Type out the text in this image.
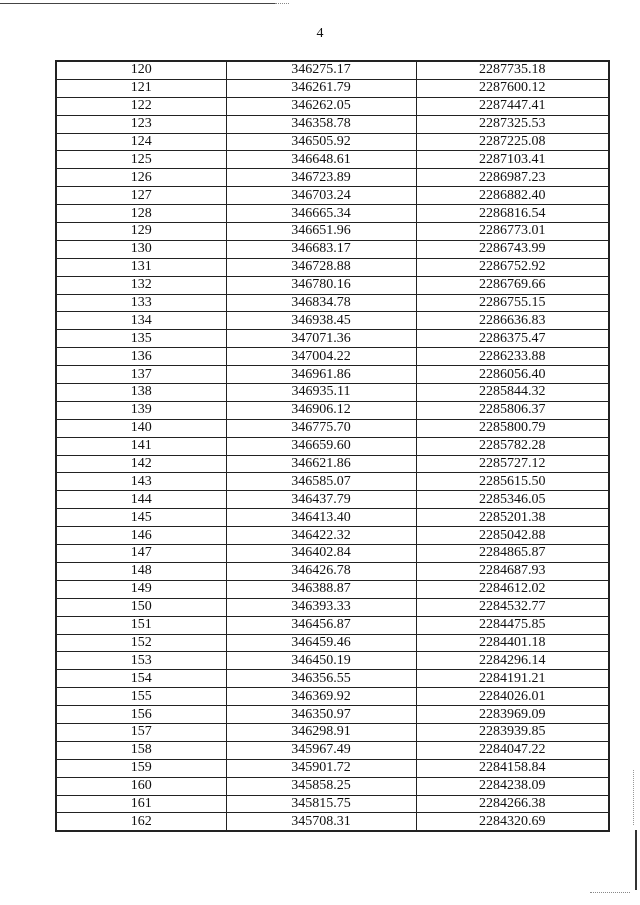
4
120	346275.17	2287735.18
121	346261.79	2287600.12
122	346262.05	2287447.41
123	346358.78	2287325.53
124	346505.92	2287225.08
125	346648.61	2287103.41
126	346723.89	2286987.23
127	346703.24	2286882.40
128	346665.34	2286816.54
129	346651.96	2286773.01
130	346683.17	2286743.99
131	346728.88	2286752.92
132	346780.16	2286769.66
133	346834.78	2286755.15
134	346938.45	2286636.83
135	347071.36	2286375.47
136	347004.22	2286233.88
137	346961.86	2286056.40
138	346935.11	2285844.32
139	346906.12	2285806.37
140	346775.70	2285800.79
141	346659.60	2285782.28
142	346621.86	2285727.12
143	346585.07	2285615.50
144	346437.79	2285346.05
145	346413.40	2285201.38
146	346422.32	2285042.88
147	346402.84	2284865.87
148	346426.78	2284687.93
149	346388.87	2284612.02
150	346393.33	2284532.77
151	346456.87	2284475.85
152	346459.46	2284401.18
153	346450.19	2284296.14
154	346356.55	2284191.21
155	346369.92	2284026.01
156	346350.97	2283969.09
157	346298.91	2283939.85
158	345967.49	2284047.22
159	345901.72	2284158.84
160	345858.25	2284238.09
161	345815.75	2284266.38
162	345708.31	2284320.69
